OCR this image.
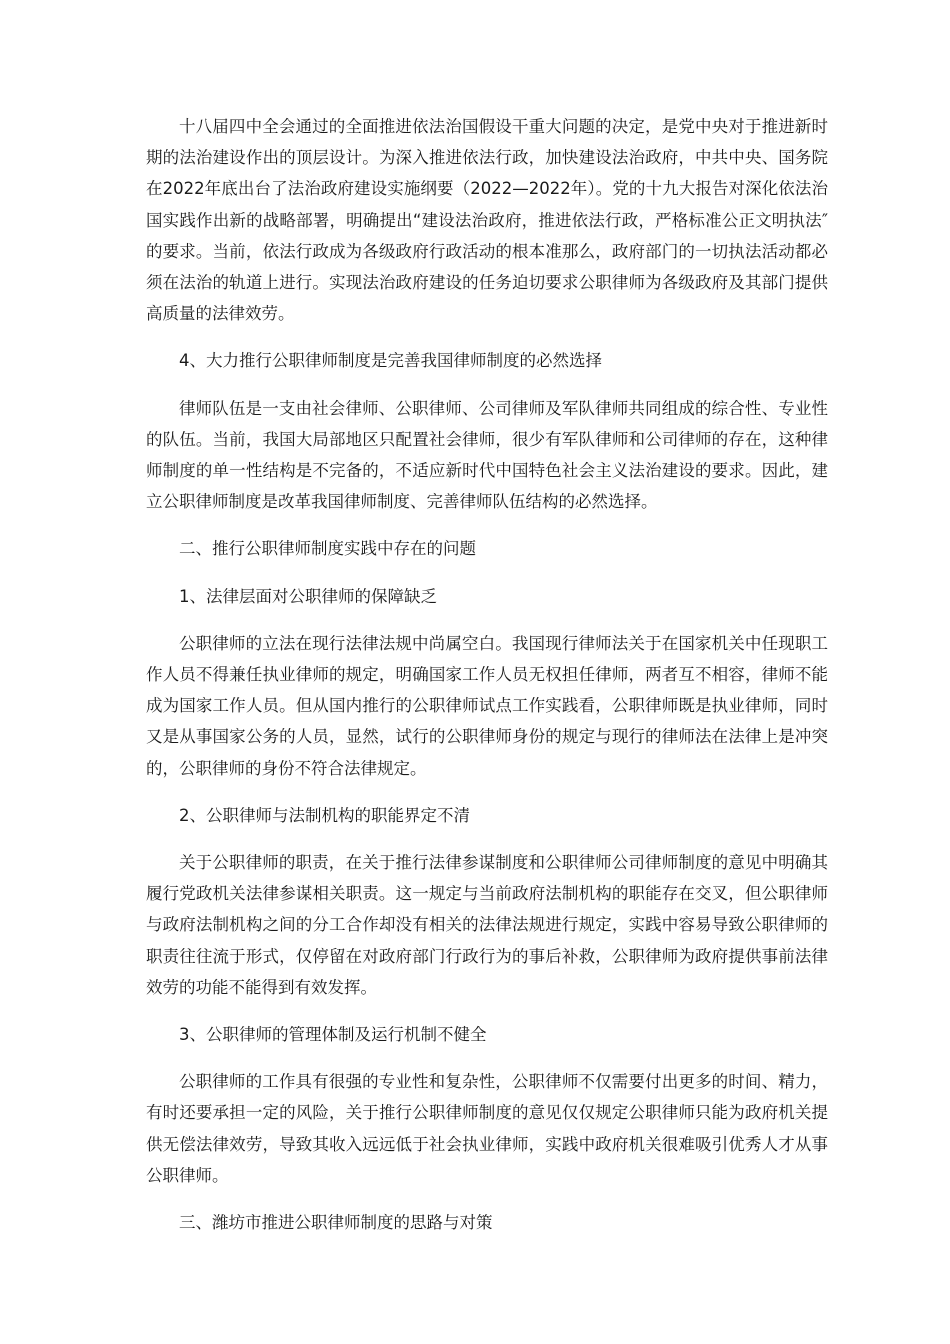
十八届四中全会通过的全面推进依法治国假设干重大问题的决定，是党中央对于推进新时期的法治建设作出的顶层设计。为深入推进依法行政，加快建设法治政府，中共中央、国务院在2022年底出台了法治政府建设实施纲要（2022—2022年）。党的十九大报告对深化依法治国实践作出新的战略部署，明确提出“建设法治政府，推进依法行政，严格标准公正文明执法″的要求。当前，依法行政成为各级政府行政活动的根本准那么，政府部门的一切执法活动都必须在法治的轨道上进行。实现法治政府建设的任务迫切要求公职律师为各级政府及其部门提供高质量的法律效劳。

4、大力推行公职律师制度是完善我国律师制度的必然选择

律师队伍是一支由社会律师、公职律师、公司律师及军队律师共同组成的综合性、专业性的队伍。当前，我国大局部地区只配置社会律师，很少有军队律师和公司律师的存在，这种律师制度的单一性结构是不完备的，不适应新时代中国特色社会主义法治建设的要求。因此，建立公职律师制度是改革我国律师制度、完善律师队伍结构的必然选择。

二、推行公职律师制度实践中存在的问题

1、法律层面对公职律师的保障缺乏

公职律师的立法在现行法律法规中尚属空白。我国现行律师法关于在国家机关中任现职工作人员不得兼任执业律师的规定，明确国家工作人员无权担任律师，两者互不相容，律师不能成为国家工作人员。但从国内推行的公职律师试点工作实践看，公职律师既是执业律师，同时又是从事国家公务的人员，显然，试行的公职律师身份的规定与现行的律师法在法律上是冲突的，公职律师的身份不符合法律规定。

2、公职律师与法制机构的职能界定不清

关于公职律师的职责，在关于推行法律参谋制度和公职律师公司律师制度的意见中明确其履行党政机关法律参谋相关职责。这一规定与当前政府法制机构的职能存在交叉，但公职律师与政府法制机构之间的分工合作却没有相关的法律法规进行规定，实践中容易导致公职律师的职责往往流于形式，仅停留在对政府部门行政行为的事后补救，公职律师为政府提供事前法律效劳的功能不能得到有效发挥。

3、公职律师的管理体制及运行机制不健全

公职律师的工作具有很强的专业性和复杂性，公职律师不仅需要付出更多的时间、精力，有时还要承担一定的风险，关于推行公职律师制度的意见仅仅规定公职律师只能为政府机关提供无偿法律效劳，导致其收入远远低于社会执业律师，实践中政府机关很难吸引优秀人才从事公职律师。

三、潍坊市推进公职律师制度的思路与对策
